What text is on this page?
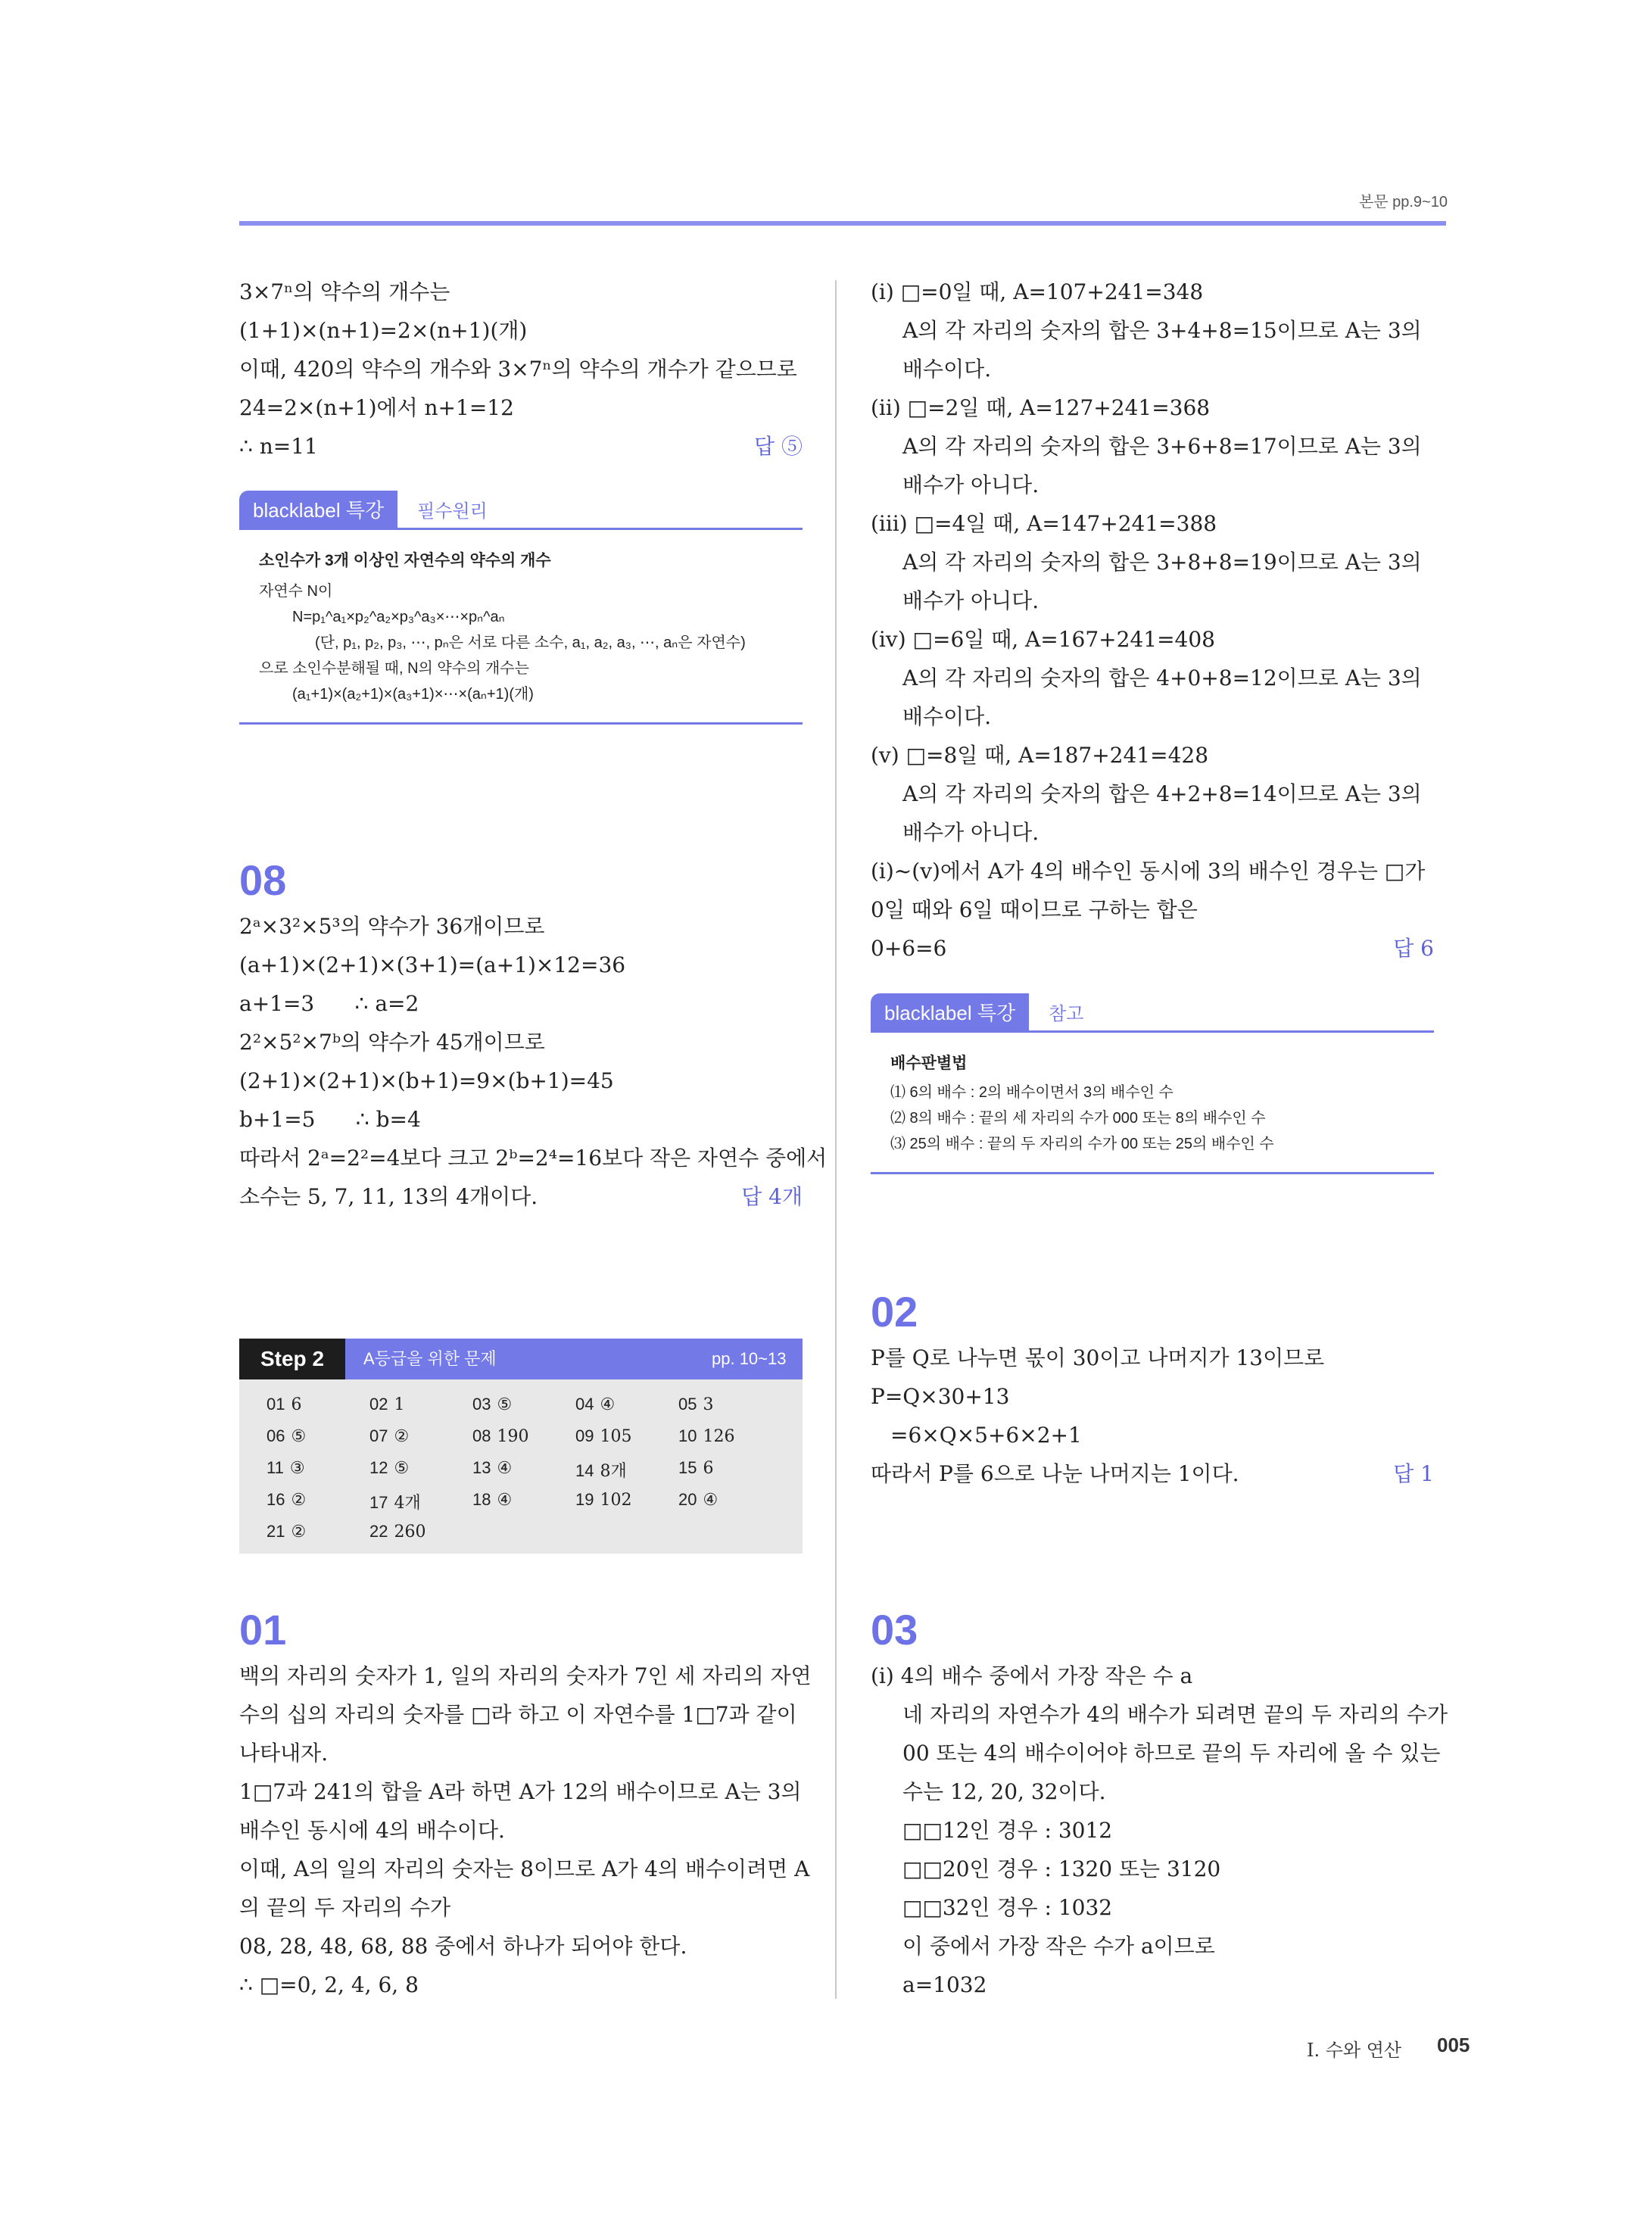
본문 pp.9~10
3×7ⁿ의 약수의 개수는
(1+1)×(n+1)=2×(n+1)(개)
이때, 420의 약수의 개수와 3×7ⁿ의 약수의 개수가 같으므로
24=2×(n+1)에서 n+1=12
∴ n=11	답 ⑤
blacklabel 특강 필수원리
소인수가 3개 이상인 자연수의 약수의 개수
자연수 N이
N=p₁^a₁×p₂^a₂×p₃^a₃×⋯×pₙ^aₙ
(단, p₁, p₂, p₃, ⋯, pₙ은 서로 다른 소수, a₁, a₂, a₃, ⋯, aₙ은 자연수)
으로 소인수분해될 때, N의 약수의 개수는
(a₁+1)×(a₂+1)×(a₃+1)×⋯×(aₙ+1)(개)
08
2ᵃ×3²×5³의 약수가 36개이므로
(a+1)×(2+1)×(3+1)=(a+1)×12=36
a+1=3      ∴ a=2
2²×5²×7ᵇ의 약수가 45개이므로
(2+1)×(2+1)×(b+1)=9×(b+1)=45
b+1=5      ∴ b=4
따라서 2ᵃ=2²=4보다 크고 2ᵇ=2⁴=16보다 작은 자연수 중에서
소수는 5, 7, 11, 13의 4개이다.	답 4개
Step 2	A등급을 위한 문제	pp. 10~13
01 6	02 1	03 ⑤	04 ④	05 3
06 ⑤	07 ②	08 190	09 105	10 126
11 ③	12 ⑤	13 ④	14 8개	15 6
16 ②	17 4개	18 ④	19 102	20 ④
21 ②	22 260
01
백의 자리의 숫자가 1, 일의 자리의 숫자가 7인 세 자리의 자연
수의 십의 자리의 숫자를 □라 하고 이 자연수를 1□7과 같이
나타내자.
1□7과 241의 합을 A라 하면 A가 12의 배수이므로 A는 3의
배수인 동시에 4의 배수이다.
이때, A의 일의 자리의 숫자는 8이므로 A가 4의 배수이려면 A
의 끝의 두 자리의 수가
08, 28, 48, 68, 88 중에서 하나가 되어야 한다.
∴ □=0, 2, 4, 6, 8
(ⅰ) □=0일 때, A=107+241=348
A의 각 자리의 숫자의 합은 3+4+8=15이므로 A는 3의
배수이다.
(ⅱ) □=2일 때, A=127+241=368
A의 각 자리의 숫자의 합은 3+6+8=17이므로 A는 3의
배수가 아니다.
(ⅲ) □=4일 때, A=147+241=388
A의 각 자리의 숫자의 합은 3+8+8=19이므로 A는 3의
배수가 아니다.
(ⅳ) □=6일 때, A=167+241=408
A의 각 자리의 숫자의 합은 4+0+8=12이므로 A는 3의
배수이다.
(ⅴ) □=8일 때, A=187+241=428
A의 각 자리의 숫자의 합은 4+2+8=14이므로 A는 3의
배수가 아니다.
(ⅰ)~(ⅴ)에서 A가 4의 배수인 동시에 3의 배수인 경우는 □가
0일 때와 6일 때이므로 구하는 합은
0+6=6	답 6
blacklabel 특강 참고
배수판별법
⑴ 6의 배수 : 2의 배수이면서 3의 배수인 수
⑵ 8의 배수 : 끝의 세 자리의 수가 000 또는 8의 배수인 수
⑶ 25의 배수 : 끝의 두 자리의 수가 00 또는 25의 배수인 수
02
P를 Q로 나누면 몫이 30이고 나머지가 13이므로
P=Q×30+13
=6×Q×5+6×2+1
따라서 P를 6으로 나눈 나머지는 1이다.	답 1
03
(ⅰ) 4의 배수 중에서 가장 작은 수 a
네 자리의 자연수가 4의 배수가 되려면 끝의 두 자리의 수가
00 또는 4의 배수이어야 하므로 끝의 두 자리에 올 수 있는
수는 12, 20, 32이다.
□□12인 경우 : 3012
□□20인 경우 : 1320 또는 3120
□□32인 경우 : 1032
이 중에서 가장 작은 수가 a이므로
a=1032
I. 수와 연산 005
